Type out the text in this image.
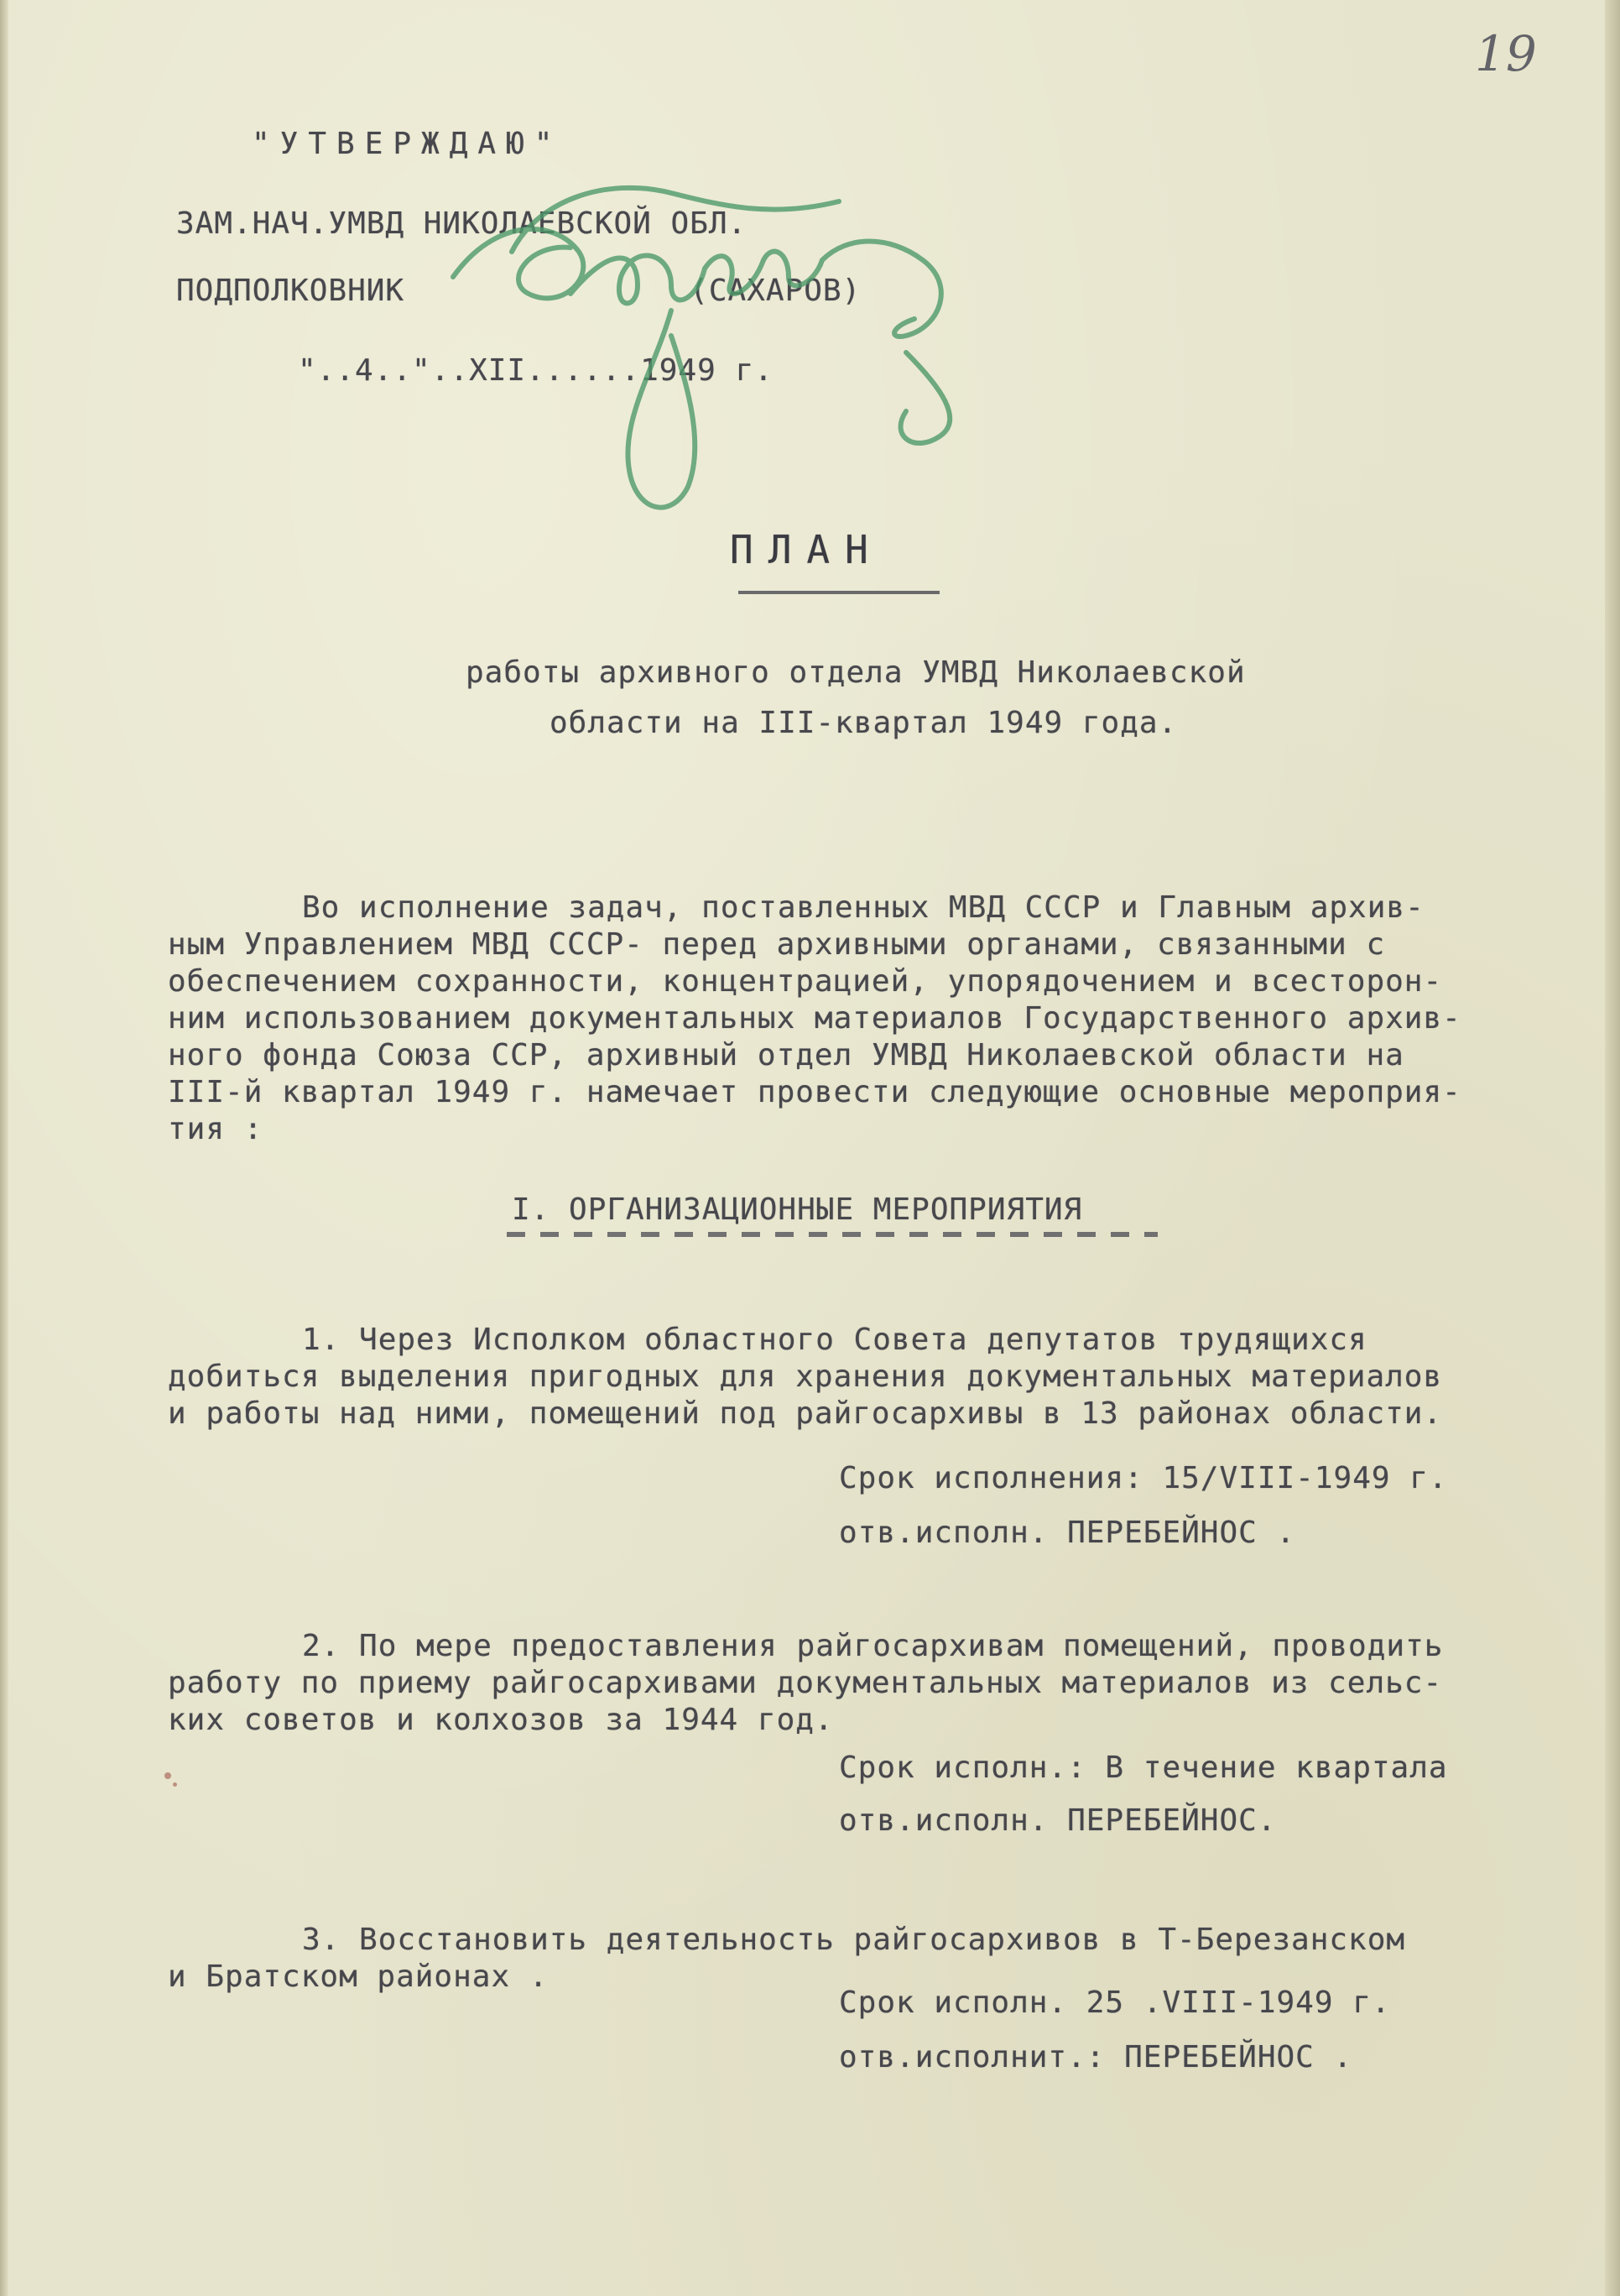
19
"УТВЕРЖДАЮ"
ЗАМ.НАЧ.УМВД НИКОЛАЕВСКОЙ ОБЛ.
ПОДПОЛКОВНИК               (САХАРОВ)
"..4.."..XII......1949 г.
ПЛАН
работы архивного отдела УМВД Николаевской
области на III-квартал 1949 года.
Во исполнение задач, поставленных МВД СССР и Главным архив-
ным Управлением МВД СССР- перед архивными органами, связанными с
обеспечением сохранности, концентрацией, упорядочением и всесторон-
ним использованием документальных материалов Государственного архив-
ного фонда Союза ССР, архивный отдел УМВД Николаевской области на
III-й квартал 1949 г. намечает провести следующие основные мероприя-
тия :
I. ОРГАНИЗАЦИОННЫЕ МЕРОПРИЯТИЯ
1. Через Исполком областного Совета депутатов трудящихся
добиться выделения пригодных для хранения документальных материалов
и работы над ними, помещений под райгосархивы в 13 районах области.
Срок исполнения: 15/VIII-1949 г.
отв.исполн. ПЕРЕБЕЙНОС .
2. По мере предоставления райгосархивам помещений, проводить
работу по приему райгосархивами документальных материалов из сельс-
ких советов и колхозов за 1944 год.
Срок исполн.: В течение квартала
отв.исполн. ПЕРЕБЕЙНОС.
3. Восстановить деятельность райгосархивов в Т-Березанском
и Братском районах .
Срок исполн. 25 .VIII-1949 г.
отв.исполнит.: ПЕРЕБЕЙНОС .
